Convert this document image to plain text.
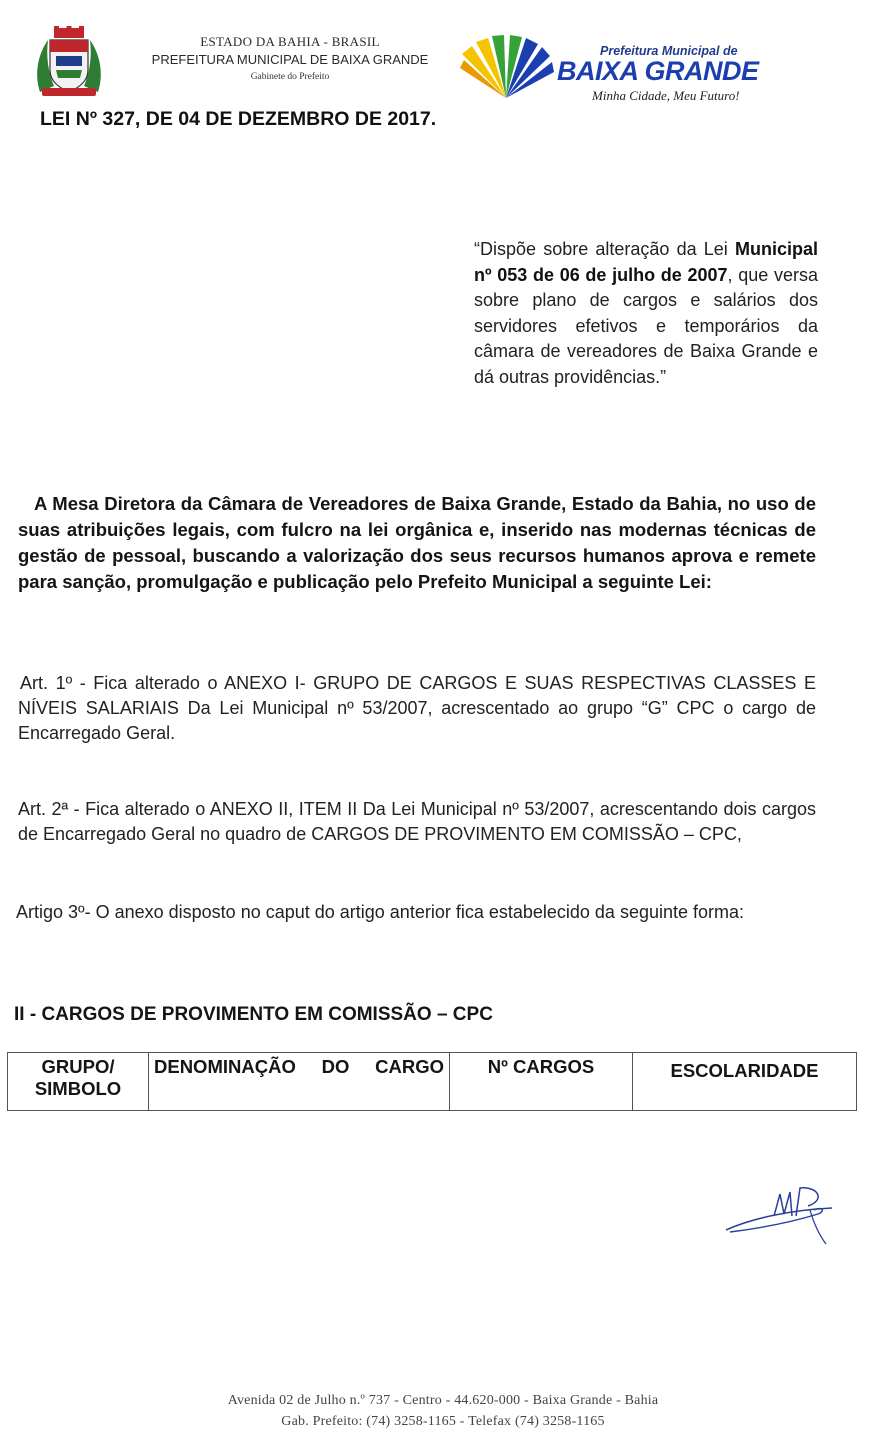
ESTADO DA BAHIA - BRASIL
PREFEITURA MUNICIPAL DE BAIXA GRANDE
Gabinete do Prefeito
Prefeitura Municipal de
BAIXA GRANDE
Minha Cidade, Meu Futuro!
LEI Nº 327, DE 04 DE DEZEMBRO DE 2017.
“Dispõe sobre alteração da Lei Municipal nº 053 de 06 de julho de 2007, que versa sobre plano de cargos e salários dos servidores efetivos e temporários da câmara de vereadores de Baixa Grande e dá outras providências.”
A Mesa Diretora da Câmara de Vereadores de Baixa Grande, Estado da Bahia, no uso de suas atribuições legais, com fulcro na lei orgânica e, inserido nas modernas técnicas de gestão de pessoal, buscando a valorização dos seus recursos humanos aprova e remete para sanção, promulgação e publicação pelo Prefeito Municipal a seguinte Lei:
Art. 1º - Fica alterado o ANEXO I- GRUPO DE CARGOS E SUAS RESPECTIVAS CLASSES E NÍVEIS SALARIAIS Da Lei Municipal nº 53/2007, acrescentado ao grupo “G” CPC o cargo de Encarregado Geral.
Art. 2ª - Fica alterado o ANEXO II, ITEM II Da Lei Municipal nº 53/2007, acrescentando dois cargos de Encarregado Geral no quadro de CARGOS DE PROVIMENTO EM COMISSÃO – CPC,
Artigo 3º- O anexo disposto no caput do artigo anterior fica estabelecido da seguinte forma:
II - CARGOS DE PROVIMENTO EM COMISSÃO – CPC
GRUPO/ SIMBOLO	DENOMINAÇÃO DO CARGO	Nº CARGOS	ESCOLARIDADE
Avenida 02 de Julho n.º 737 - Centro - 44.620-000 - Baixa Grande - Bahia
Gab. Prefeito: (74) 3258-1165 - Telefax (74) 3258-1165
